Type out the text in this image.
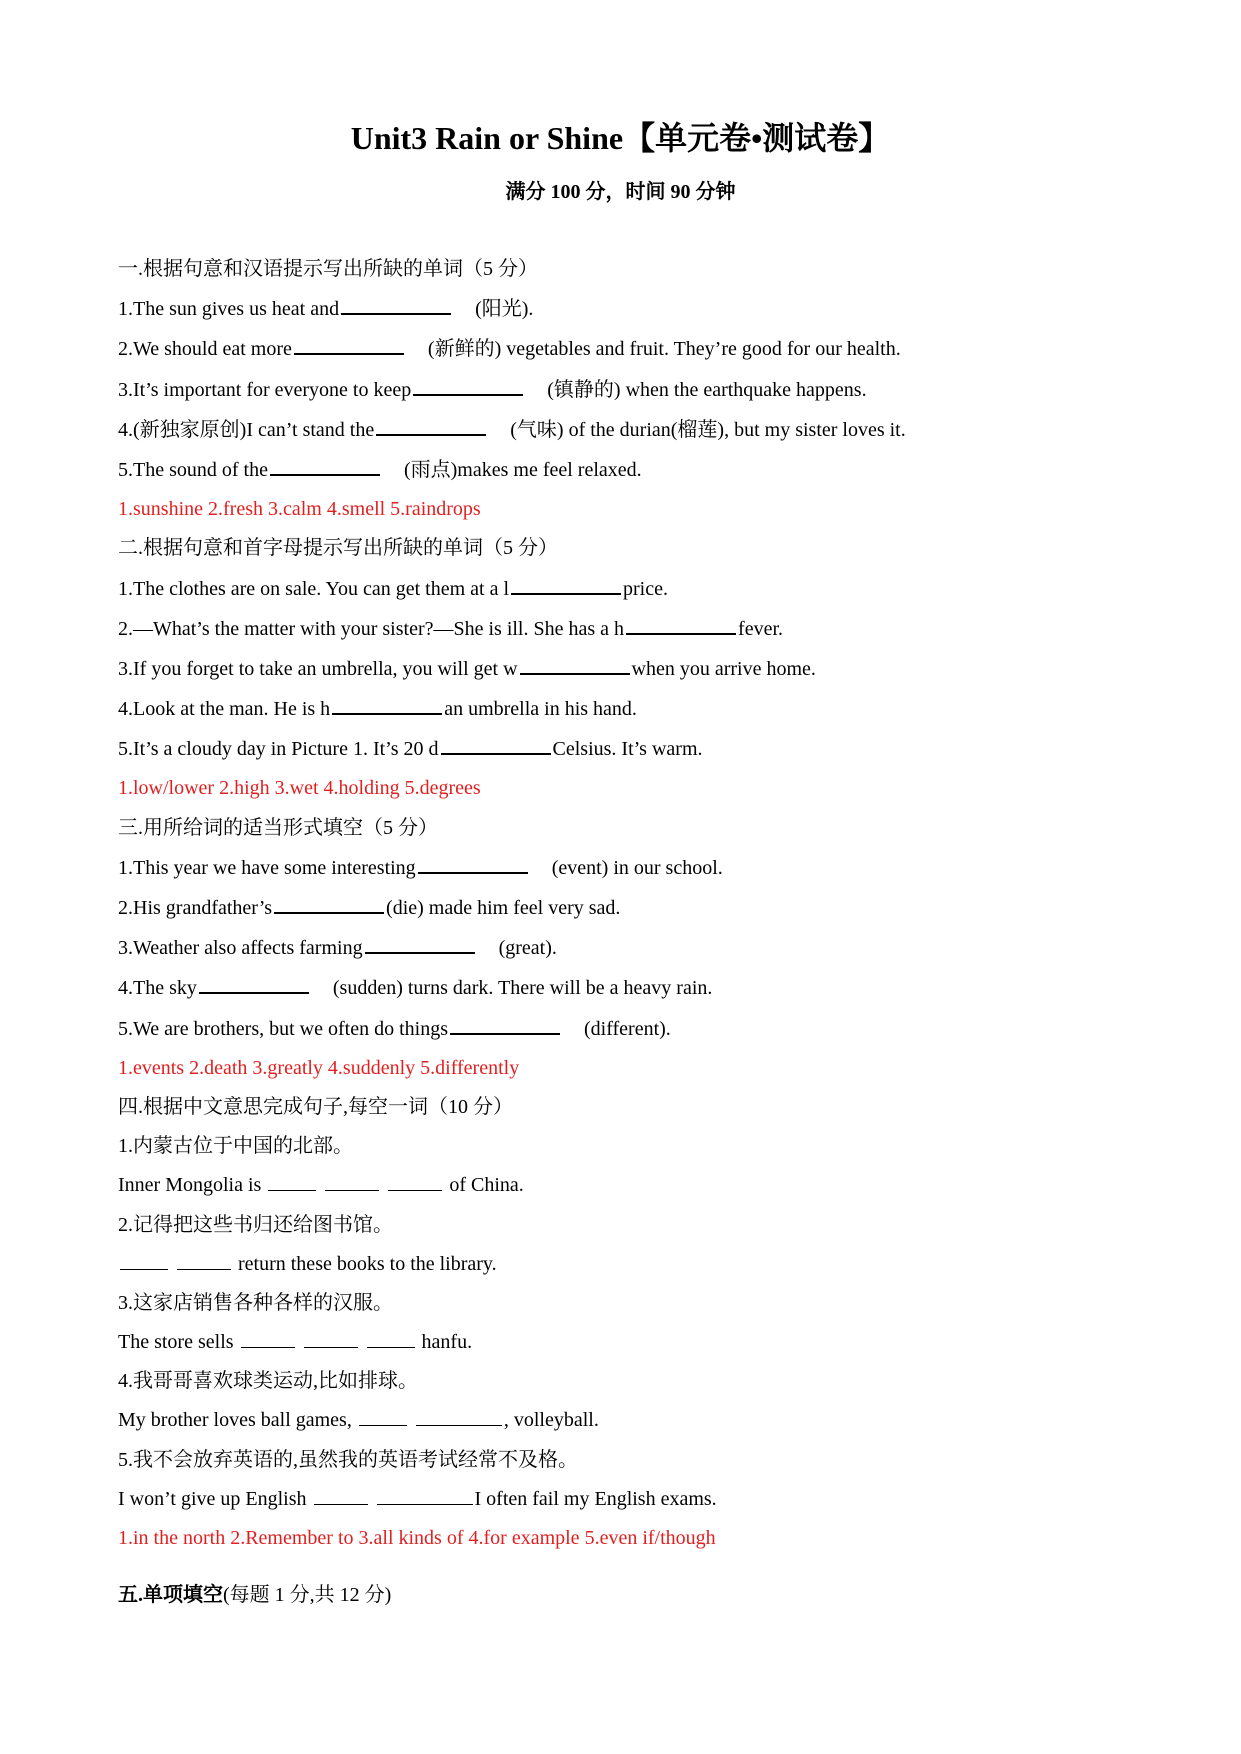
Unit3 Rain or Shine【单元卷•测试卷】
满分 100 分，时间 90 分钟
一.根据句意和汉语提示写出所缺的单词（5 分）
1.The sun gives us heat and	(阳光).
2.We should eat more	(新鲜的) vegetables and fruit. They’re good for our health.
3.It’s important for everyone to keep	(镇静的) when the earthquake happens.
4.(新独家原创)I can’t stand the	(气味) of the durian(榴莲), but my sister loves it.
5.The sound of the	(雨点)makes me feel relaxed.
1.sunshine 2.fresh 3.calm 4.smell 5.raindrops
二.根据句意和首字母提示写出所缺的单词（5 分）
1.The clothes are on sale. You can get them at a l	price.
2.—What’s the matter with your sister?—She is ill. She has a h	fever.
3.If you forget to take an umbrella, you will get w	when you arrive home.
4.Look at the man. He is h	an umbrella in his hand.
5.It’s a cloudy day in Picture 1. It’s 20 d	Celsius. It’s warm.
1.low/lower 2.high 3.wet 4.holding 5.degrees
三.用所给词的适当形式填空（5 分）
1.This year we have some interesting	(event) in our school.
2.His grandfather’s	(die) made him feel very sad.
3.Weather also affects farming	(great).
4.The sky	(sudden) turns dark. There will be a heavy rain.
5.We are brothers, but we often do things	(different).
1.events 2.death 3.greatly 4.suddenly 5.differently
四.根据中文意思完成句子,每空一词（10 分）
1.内蒙古位于中国的北部。
Inner Mongolia is	of China.
2.记得把这些书归还给图书馆。
return these books to the library.
3.这家店销售各种各样的汉服。
The store sells	hanfu.
4.我哥哥喜欢球类运动,比如排球。
My brother loves ball games,	, volleyball.
5.我不会放弃英语的,虽然我的英语考试经常不及格。
I won’t give up English	I often fail my English exams.
1.in the north 2.Remember to 3.all kinds of 4.for example 5.even if/though
五.单项填空(每题 1 分,共 12 分)
